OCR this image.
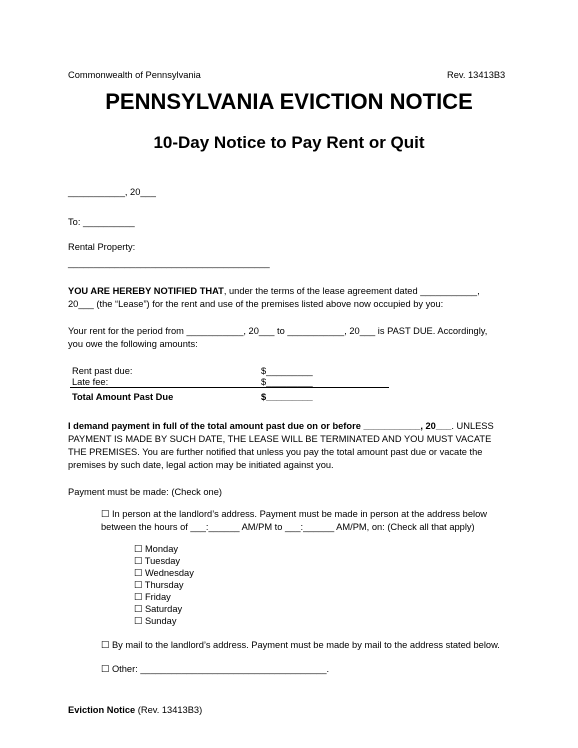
Commonwealth of Pennsylvania	Rev. 13413B3
PENNSYLVANIA EVICTION NOTICE
10-Day Notice to Pay Rent or Quit
___________, 20___
To: __________
Rental Property:
_______________________________________
YOU ARE HEREBY NOTIFIED THAT, under the terms of the lease agreement dated ___________,
20___ (the “Lease”) for the rent and use of the premises listed above now occupied by you:
Your rent for the period from ___________, 20___ to ___________, 20___ is PAST DUE. Accordingly,
you owe the following amounts:
Rent past due:	$_________
Late fee:	$_________
Total Amount Past Due	$_________
I demand payment in full of the total amount past due on or before ___________, 20___. UNLESS
PAYMENT IS MADE BY SUCH DATE, THE LEASE WILL BE TERMINATED AND YOU MUST VACATE
THE PREMISES. You are further notified that unless you pay the total amount past due or vacate the
premises by such date, legal action may be initiated against you.
Payment must be made: (Check one)
☐ In person at the landlord’s address. Payment must be made in person at the address below
between the hours of ___:______ AM/PM to ___:______ AM/PM, on: (Check all that apply)
☐ Monday
☐ Tuesday
☐ Wednesday
☐ Thursday
☐ Friday
☐ Saturday
☐ Sunday
☐ By mail to the landlord’s address. Payment must be made by mail to the address stated below.
☐ Other: ____________________________________.
Eviction Notice (Rev. 13413B3)
